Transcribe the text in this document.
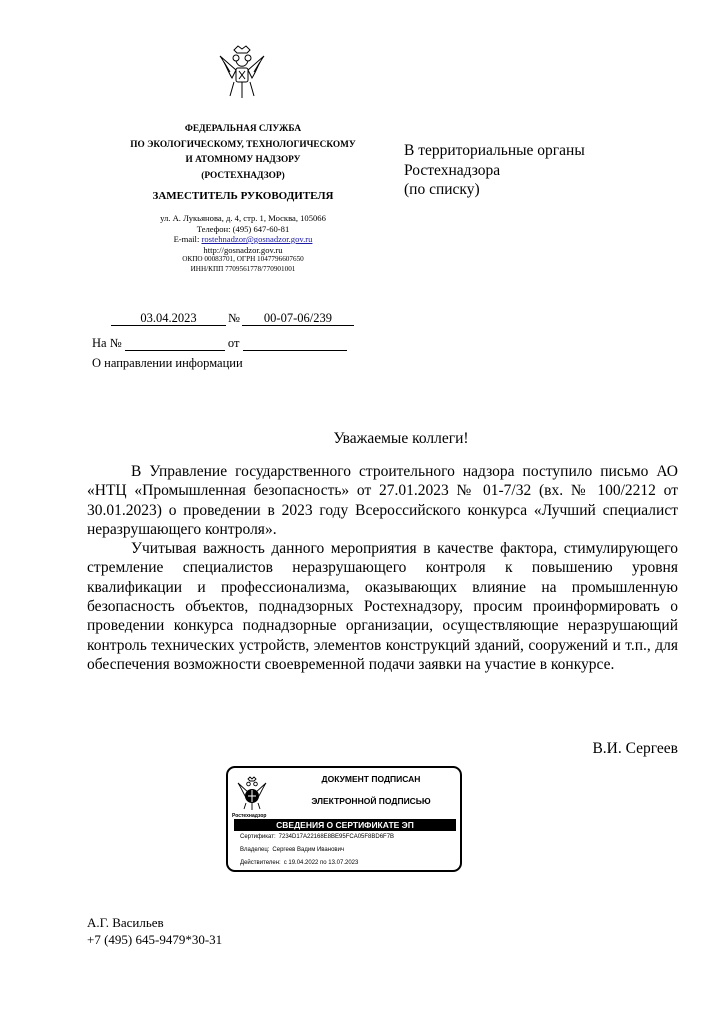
ФЕДЕРАЛЬНАЯ СЛУЖБА
ПО ЭКОЛОГИЧЕСКОМУ, ТЕХНОЛОГИЧЕСКОМУ
И АТОМНОМУ НАДЗОРУ
(РОСТЕХНАДЗОР)
ЗАМЕСТИТЕЛЬ РУКОВОДИТЕЛЯ
ул. А. Лукьянова, д. 4, стр. 1, Москва, 105066
Телефон: (495) 647-60-81
E-mail: rostehnadzor@gosnadzor.gov.ru
http://gosnadzor.gov.ru
ОКПО 00083701, ОГРН 1047796607650
ИНН/КПП 7709561778/770901001
В территориальные органы
Ростехнадзора
(по списку)
03.04.2023	№ 00-07-06/239
На №	от
О направлении информации
Уважаемые коллеги!

В Управление государственного строительного надзора поступило письмо АО «НТЦ «Промышленная безопасность» от 27.01.2023 № 01-7/32 (вх. № 100/2212 от 30.01.2023) о проведении в 2023 году Всероссийского конкурса «Лучший специалист неразрушающего контроля».

Учитывая важность данного мероприятия в качестве фактора, стимулирующего стремление специалистов неразрушающего контроля к повышению уровня квалификации и профессионализма, оказывающих влияние на промышленную безопасность объектов, поднадзорных Ростехнадзору, просим проинформировать о проведении конкурса поднадзорные организации, осуществляющие неразрушающий контроль технических устройств, элементов конструкций зданий, сооружений и т.п., для обеспечения возможности своевременной подачи заявки на участие в конкурсе.

В.И. Сергеев
Ростехнадзор
ДОКУМЕНТ ПОДПИСАН
ЭЛЕКТРОННОЙ ПОДПИСЬЮ
СВЕДЕНИЯ О СЕРТИФИКАТЕ ЭП
Сертификат: 7234D17A22168E8BE95FCA05F8BD6F7B
Владелец: Сергеев Вадим Иванович
Действителен: с 19.04.2022 по 13.07.2023
А.Г. Васильев
+7 (495) 645-9479*30-31
